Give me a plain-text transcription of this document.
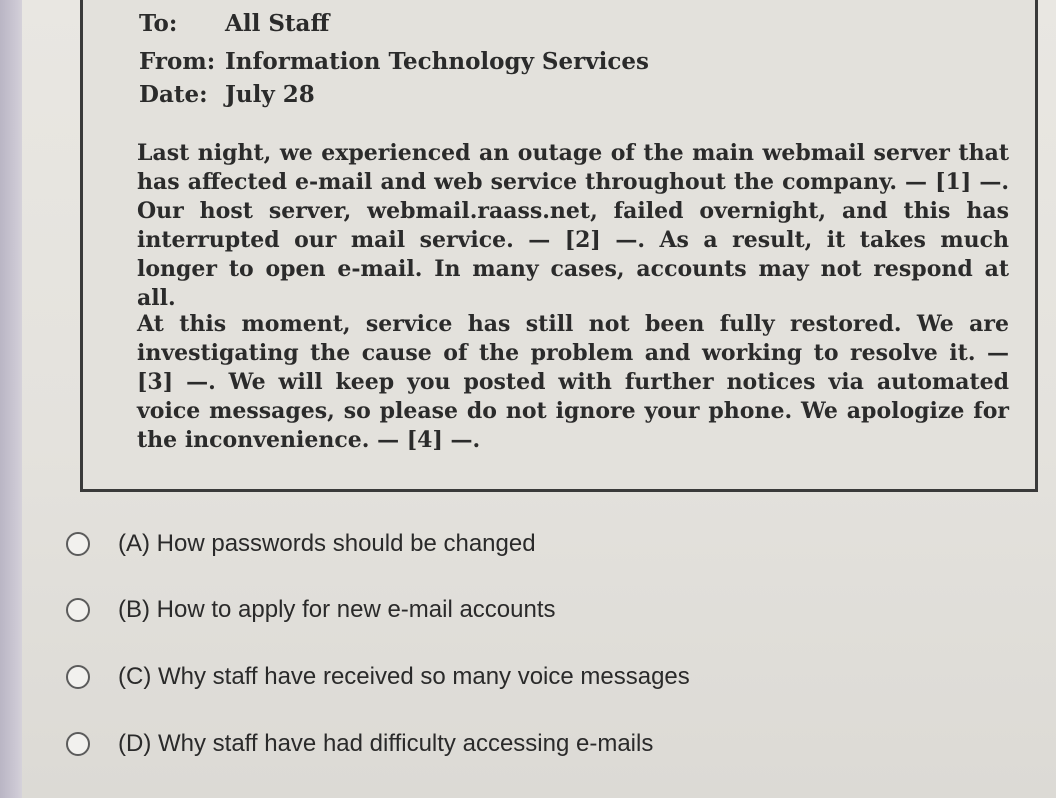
To: All Staff
From: Information Technology Services
Date: July 28
Last night, we experienced an outage of the main webmail server that has affected e-mail and web service throughout the company. — [1] —. Our host server, webmail.raass.net, failed overnight, and this has interrupted our mail service. — [2] —. As a result, it takes much longer to open e-mail. In many cases, accounts may not respond at all.
At this moment, service has still not been fully restored. We are investigating the cause of the problem and working to resolve it. — [3] —. We will keep you posted with further notices via automated voice messages, so please do not ignore your phone. We apologize for the inconvenience. — [4] —.
(A) How passwords should be changed
(B) How to apply for new e-mail accounts
(C) Why staff have received so many voice messages
(D) Why staff have had difficulty accessing e-mails
